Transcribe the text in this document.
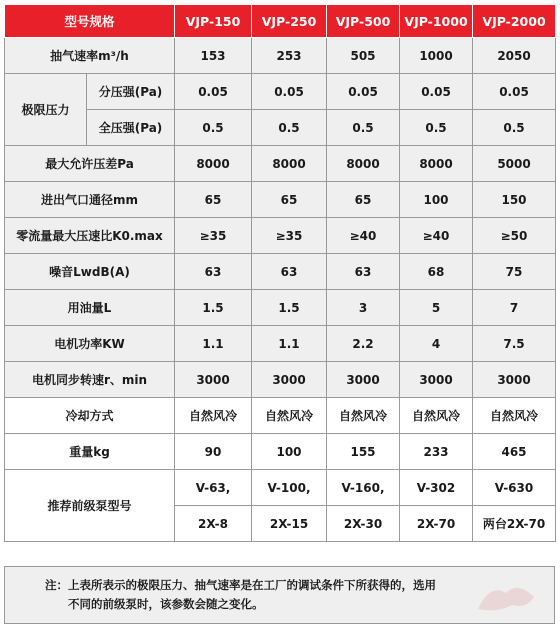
型号规格		VJP-150	VJP-250	VJP-500	VJP-1000	VJP-2000
抽气速率m³/h		153	253	505	1000	2050
极限压力	分压强(Pa)	0.05	0.05	0.05	0.05	0.05
	全压强(Pa)	0.5	0.5	0.5	0.5	0.5
最大允许压差Pa		8000	8000	8000	8000	5000
进出气口通径mm		65	65	65	100	150
零流量最大压速比K0.max		≥35	≥35	≥40	≥40	≥50
噪音LwdB(A)		63	63	63	68	75
用油量L		1.5	1.5	3	5	7
电机功率KW		1.1	1.1	2.2	4	7.5
电机同步转速r、min		3000	3000	3000	3000	3000
冷却方式		自然风冷	自然风冷	自然风冷	自然风冷	自然风冷
重量kg		90	100	155	233	465
推荐前级泵型号		V-63,	V-100,	V-160,	V-302	V-630
		2X-8	2X-15	2X-30	2X-70	两台2X-70
注：上表所表示的极限压力、抽气速率是在工厂的调试条件下所获得的，选用
不同的前级泵时，该参数会随之变化。
